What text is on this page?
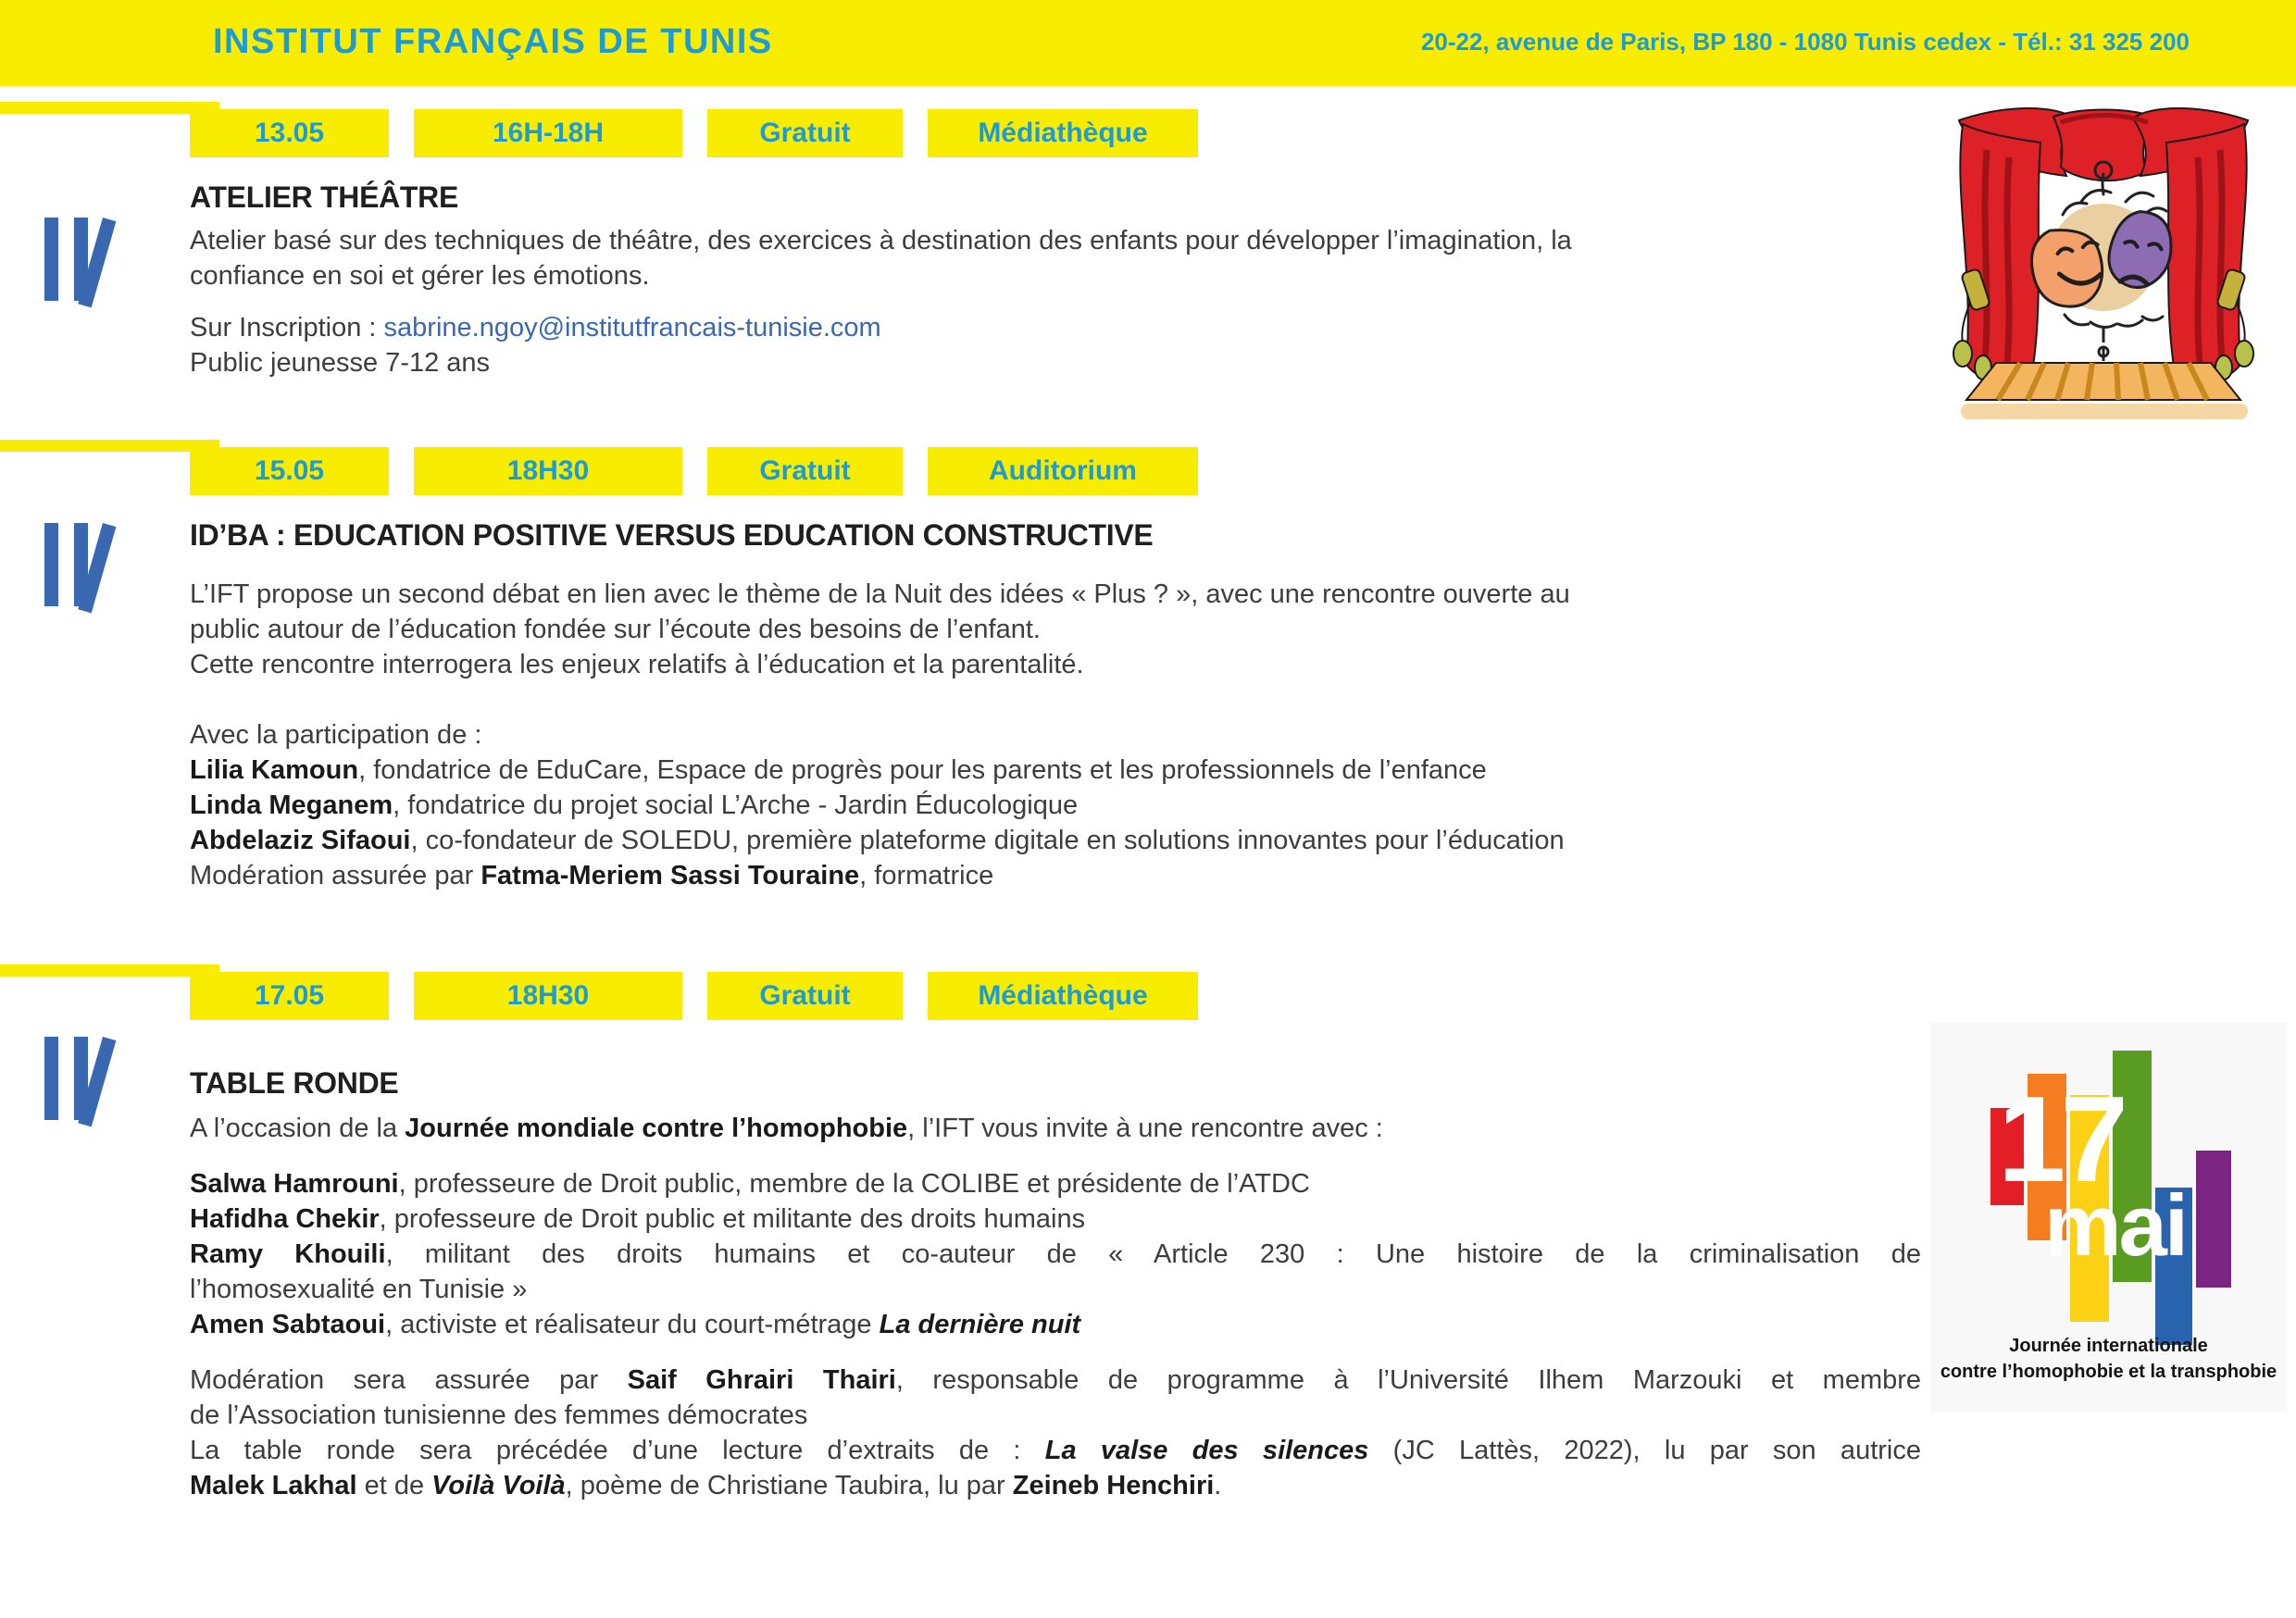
INSTITUT FRANÇAIS DE TUNIS	20-22, avenue de Paris, BP 180 - 1080 Tunis cedex - Tél.: 31 325 200
13.05	16H-18H	Gratuit	Médiathèque
ATELIER THÉÂTRE
Atelier basé sur des techniques de théâtre, des exercices à destination des enfants pour développer l’imagination, la
confiance en soi et gérer les émotions.
Sur Inscription : sabrine.ngoy@institutfrancais-tunisie.com
Public jeunesse 7-12 ans
15.05	18H30	Gratuit	Auditorium
ID’BA : EDUCATION POSITIVE VERSUS EDUCATION CONSTRUCTIVE
L’IFT propose un second débat en lien avec le thème de la Nuit des idées « Plus ? », avec une rencontre ouverte au
public autour de l’éducation fondée sur l’écoute des besoins de l’enfant.
Cette rencontre interrogera les enjeux relatifs à l’éducation et la parentalité.
Avec la participation de :
Lilia Kamoun, fondatrice de EduCare, Espace de progrès pour les parents et les professionnels de l’enfance
Linda Meganem, fondatrice du projet social L’Arche - Jardin Éducologique
Abdelaziz Sifaoui, co-fondateur de SOLEDU, première plateforme digitale en solutions innovantes pour l’éducation
Modération assurée par Fatma-Meriem Sassi Touraine, formatrice
17.05	18H30	Gratuit	Médiathèque
TABLE RONDE
A l’occasion de la Journée mondiale contre l’homophobie, l’IFT vous invite à une rencontre avec :
Salwa Hamrouni, professeure de Droit public, membre de la COLIBE et présidente de l’ATDC
Hafidha Chekir, professeure de Droit public et militante des droits humains
Ramy Khouili, militant des droits humains et co-auteur de « Article 230 : Une histoire de la criminalisation de
l’homosexualité en Tunisie »
Amen Sabtaoui, activiste et réalisateur du court-métrage La dernière nuit
Modération sera assurée par Saif Ghrairi Thairi, responsable de programme à l’Université Ilhem Marzouki et membre
de l’Association tunisienne des femmes démocrates
La table ronde sera précédée d’une lecture d’extraits de : La valse des silences (JC Lattès, 2022), lu par son autrice
Malek Lakhal et de Voilà Voilà, poème de Christiane Taubira, lu par Zeineb Henchiri.
17
mai
Journée internationale
contre l’homophobie et la transphobie
